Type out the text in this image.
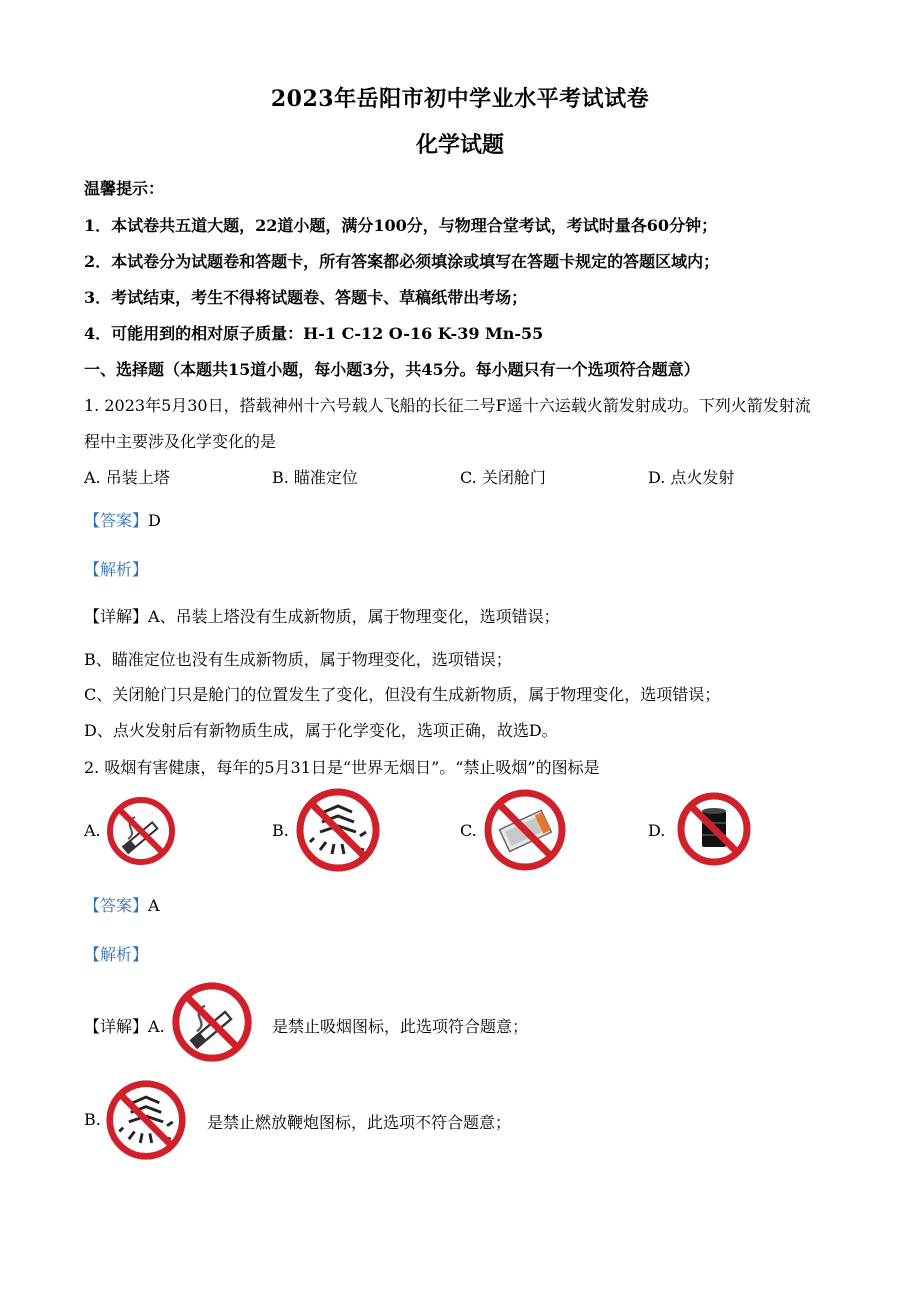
2023年岳阳市初中学业水平考试试卷
化学试题
温馨提示：
1．本试卷共五道大题，22道小题，满分100分，与物理合堂考试，考试时量各60分钟；
2．本试卷分为试题卷和答题卡，所有答案都必须填涂或填写在答题卡规定的答题区域内；
3．考试结束，考生不得将试题卷、答题卡、草稿纸带出考场；
4．可能用到的相对原子质量：H-1 C-12 O-16 K-39 Mn-55
一、选择题（本题共15道小题，每小题3分，共45分。每小题只有一个选项符合题意）
1. 2023年5月30日，搭载神州十六号载人飞船的长征二号F遥十六运载火箭发射成功。下列火箭发射流
程中主要涉及化学变化的是
A. 吊装上塔	B. 瞄准定位	C. 关闭舱门	D. 点火发射
【答案】D
【解析】
【详解】A、吊装上塔没有生成新物质，属于物理变化，选项错误；
B、瞄准定位也没有生成新物质，属于物理变化，选项错误；
C、关闭舱门只是舱门的位置发生了变化，但没有生成新物质，属于物理变化，选项错误；
D、点火发射后有新物质生成，属于化学变化，选项正确，故选D。
2. 吸烟有害健康，每年的5月31日是“世界无烟日”。“禁止吸烟”的图标是
A.	B.	C.	D.
【答案】A
【解析】
【详解】A.	是禁止吸烟图标，此选项符合题意；
B.	是禁止燃放鞭炮图标，此选项不符合题意；
